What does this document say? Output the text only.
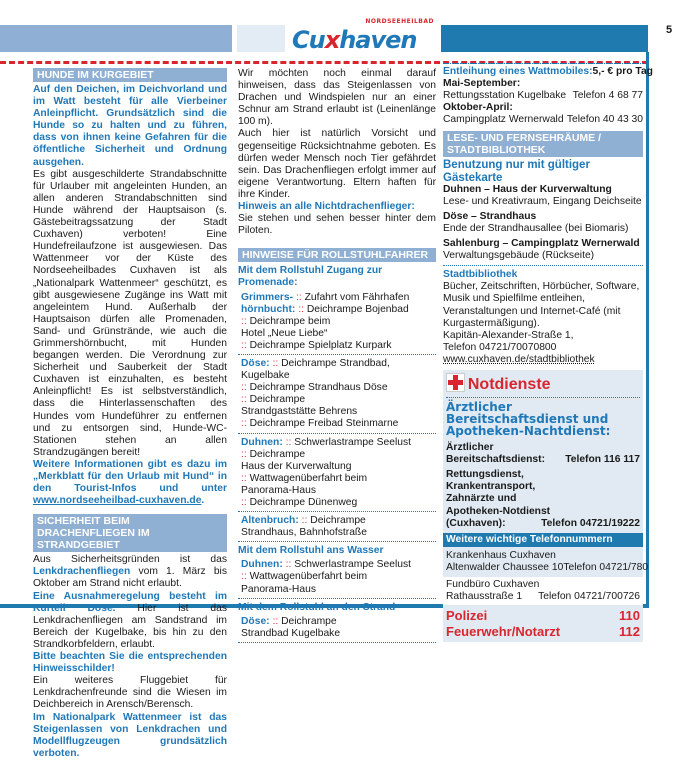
NORDSEEHEILBAD
Cuxhaven	5
HUNDE IM KURGEBIET

Auf den Deichen, im Deichvorland und im Watt besteht für alle Vierbeiner Anleinpflicht. Grundsätzlich sind die Hunde so zu halten und zu führen, dass von ihnen keine Gefahren für die öffentliche Sicherheit und Ordnung ausgehen.

Es gibt ausgeschilderte Strandabschnitte für Urlauber mit angeleinten Hunden, an allen anderen Strandabschnitten sind Hunde während der Hauptsaison (s. Gästebeitragssatzung der Stadt Cuxhaven) verboten! Eine Hundefreilaufzone ist ausgewiesen. Das Wattenmeer vor der Küste des Nordseeheilbades Cuxhaven ist als „Nationalpark Wattenmeer“ geschützt, es gibt ausgewiesene Zugänge ins Watt mit angeleintem Hund. Außerhalb der Hauptsaison dürfen alle Promenaden, Sand- und Grünstrände, wie auch die Grimmershörnbucht, mit Hunden begangen werden. Die Verordnung zur Sicherheit und Sauberkeit der Stadt Cuxhaven ist einzuhalten, es besteht Anleinpflicht! Es ist selbstverständlich, dass die Hinterlassenschaften des Hundes vom Hundeführer zu entfernen und zu entsorgen sind, Hunde-WC-Stationen stehen an allen Strandzugängen bereit!

Weitere Informationen gibt es dazu im „Merkblatt für den Urlaub mit Hund“ in den Tourist-Infos und unter www.nordseeheilbad-cuxhaven.de.

SICHERHEIT BEIM DRACHENFLIEGEN IM STRANDGEBIET

Aus Sicherheitsgründen ist das Lenkdrachenfliegen vom 1. März bis Oktober am Strand nicht erlaubt.

Eine Ausnahmeregelung besteht im Kurteil Döse. Hier ist das Lenkdrachenfliegen am Sandstrand im Bereich der Kugelbake, bis hin zu den Strandkorbfeldern, erlaubt.

Bitte beachten Sie die entsprechenden Hinweisschilder!

Ein weiteres Fluggebiet für Lenkdrachenfreunde sind die Wiesen im Deichbereich in Arensch/Berensch.

Im Nationalpark Wattenmeer ist das Steigenlassen von Lenkdrachen und Modellflugzeugen grundsätzlich verboten.

Wir möchten noch einmal darauf hinweisen, dass das Steigenlassen von Drachen und Windspielen nur an einer Schnur am Strand erlaubt ist (Leinenlänge 100 m).

Auch hier ist natürlich Vorsicht und gegenseitige Rücksichtnahme geboten. Es dürfen weder Mensch noch Tier gefährdet sein. Das Drachenfliegen erfolgt immer auf eigene Verantwortung. Eltern haften für ihre Kinder.

Hinweis an alle Nichtdrachenflieger:

Sie stehen und sehen besser hinter dem Piloten.

HINWEISE FÜR ROLLSTUHLFAHRER
Mit dem Rollstuhl Zugang zur Promenade:
Grimmers- :: Zufahrt vom Fährhafen
hörnbucht: :: Deichrampe Bojenbad
:: Deichrampe beim
Hotel „Neue Liebe“
:: Deichrampe Spielplatz Kurpark
Döse: :: Deichrampe Strandbad,
Kugelbake
:: Deichrampe Strandhaus Döse
:: Deichrampe
Strandgaststätte Behrens
:: Deichrampe Freibad Steinmarne
Duhnen: :: Schwerlastrampe Seelust
:: Deichrampe
Haus der Kurverwaltung
:: Wattwagenüberfahrt beim
Panorama-Haus
:: Deichrampe Dünenweg
Altenbruch: :: Deichrampe
Strandhaus, Bahnhofstraße
Mit dem Rollstuhl ans Wasser
Duhnen: :: Schwerlastrampe Seelust
:: Wattwagenüberfahrt beim
Panorama-Haus
Mit dem Rollstuhl an den Strand
Döse: :: Deichrampe
Strandbad Kugelbake
Entleihung eines Wattmobiles: 5,- € pro Tag
Mai-September:
Rettungsstation Kugelbake Telefon 4 68 77
Oktober-April:
Campingplatz Wernerwald Telefon 40 43 30
LESE- UND FERNSEHRÄUME / STADTBIBLIOTHEK
Benutzung nur mit gültiger Gästekarte
Duhnen – Haus der Kurverwaltung
Lese- und Kreativraum, Eingang Deichseite
Döse – Strandhaus
Ende der Strandhausallee (bei Biomaris)
Sahlenburg – Campingplatz Wernerwald
Verwaltungsgebäude (Rückseite)
Stadtbibliothek
Bücher, Zeitschriften, Hörbücher, Software, Musik und Spielfilme entleihen, Veranstaltungen und Internet-Café (mit Kurgastermäßigung).
Kapitän-Alexander-Straße 1,
Telefon 04721/70070800
www.cuxhaven.de/stadtbibliothek
Notdienste
Ärztlicher Bereitschaftsdienst und Apotheken-Nachtdienst:
Ärztlicher
Bereitschaftsdienst: Telefon 116 117
Rettungsdienst,
Krankentransport,
Zahnärzte und
Apotheken-Notdienst
(Cuxhaven):	Telefon 04721/19222
Weitere wichtige Telefonnummern
Krankenhaus Cuxhaven
Altenwalder Chaussee 10 Telefon 04721/780
Fundbüro Cuxhaven
Rathausstraße 1 Telefon 04721/700726
Polizei	110
Feuerwehr/Notarzt	112
